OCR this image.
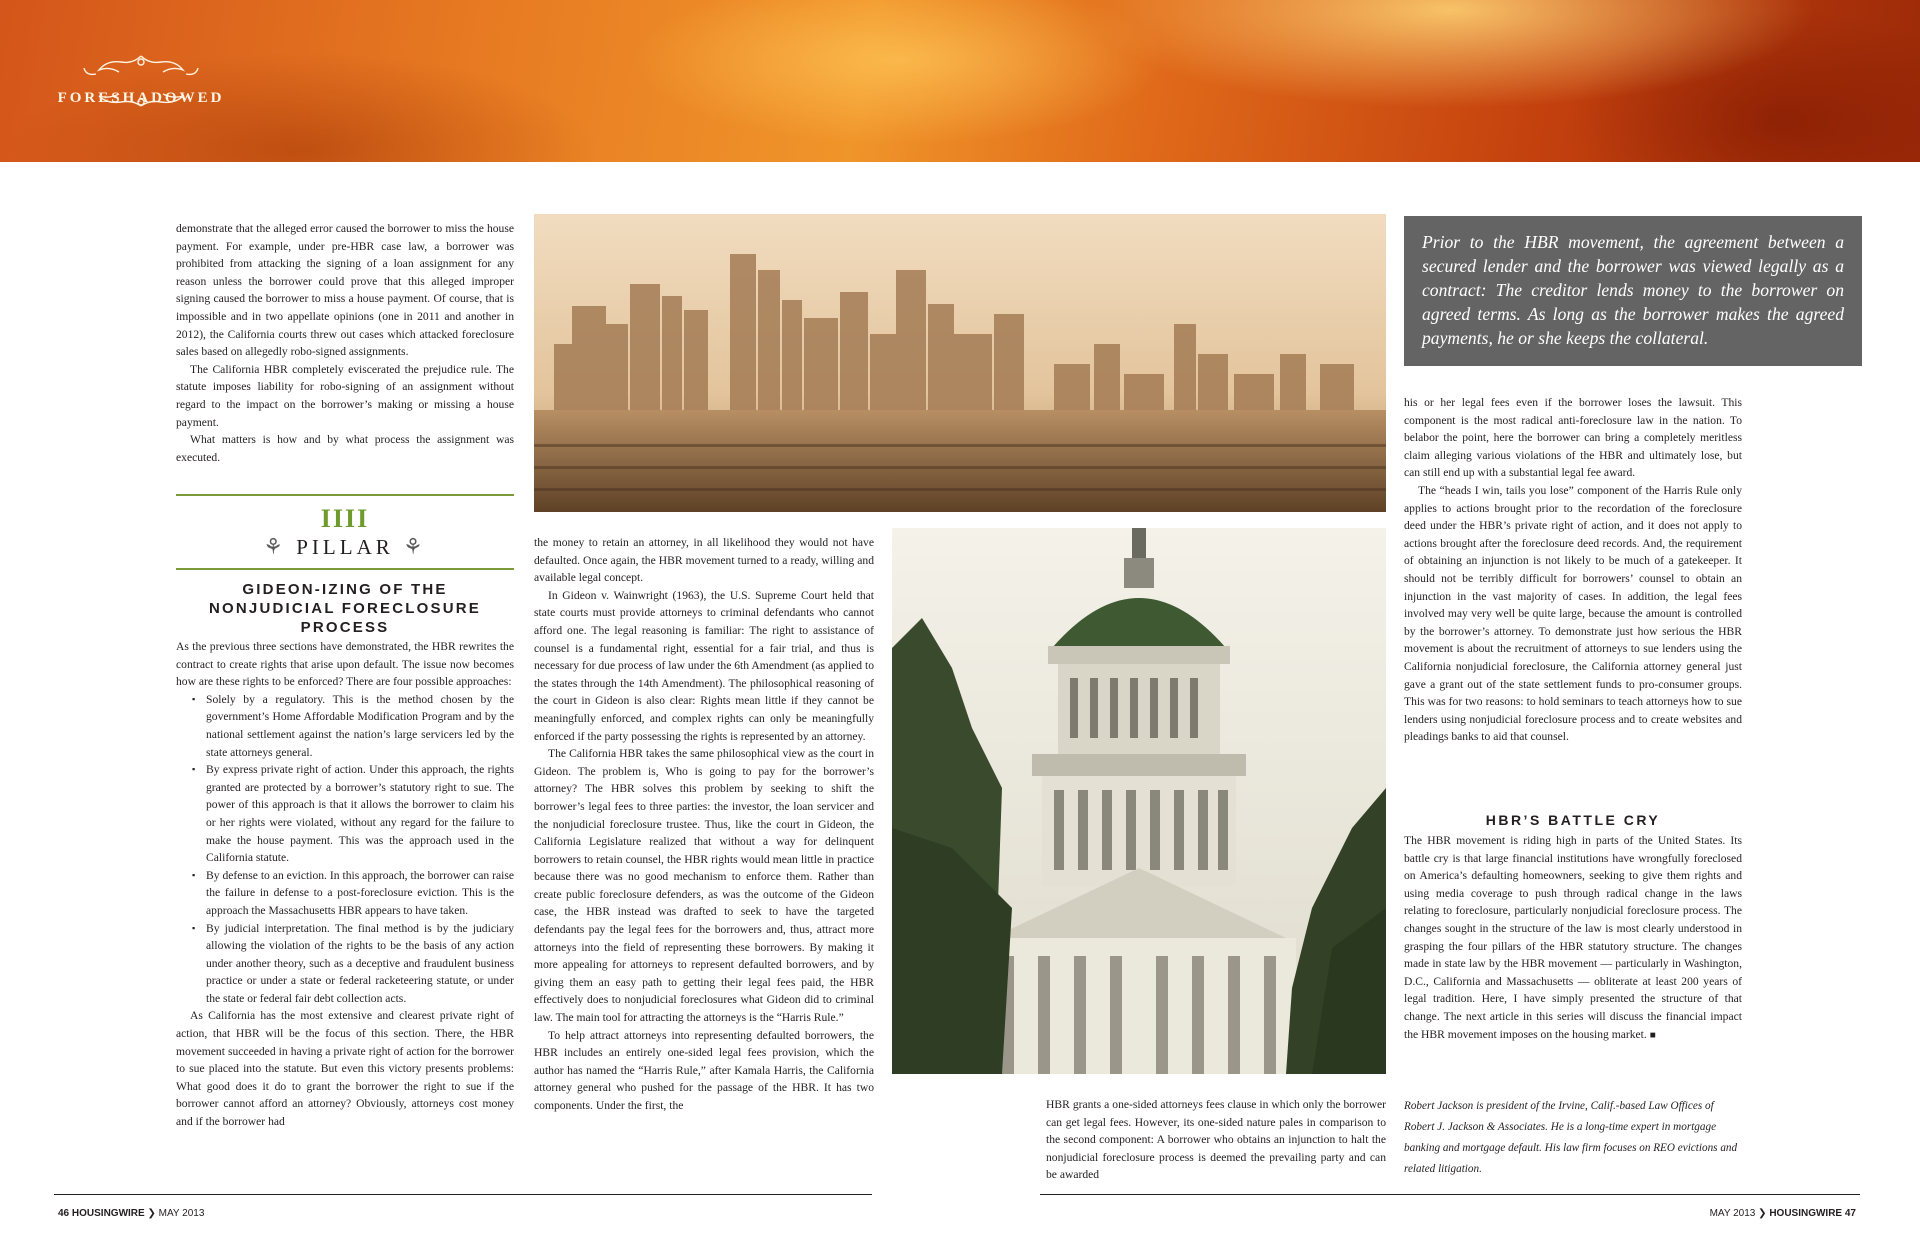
FORESHADOWED

demonstrate that the alleged error caused the borrower to miss the house payment. For example, under pre-HBR case law, a borrower was prohibited from attacking the signing of a loan assignment for any reason unless the borrower could prove that this alleged improper signing caused the borrower to miss a house payment. Of course, that is impossible and in two appellate opinions (one in 2011 and another in 2012), the California courts threw out cases which attacked foreclosure sales based on allegedly robo-signed assignments.

The California HBR completely eviscerated the prejudice rule. The statute imposes liability for robo-signing of an assignment without regard to the impact on the borrower’s making or missing a house payment.

What matters is how and by what process the assignment was executed.

IIII
⚘ PILLAR ⚘
GIDEON-IZING OF THE NONJUDICIAL FORECLOSURE PROCESS

As the previous three sections have demonstrated, the HBR rewrites the contract to create rights that arise upon default. The issue now becomes how are these rights to be enforced? There are four possible approaches:

▪ Solely by a regulatory. This is the method chosen by the government’s Home Affordable Modification Program and by the national settlement against the nation’s large servicers led by the state attorneys general.
▪ By express private right of action. Under this approach, the rights granted are protected by a borrower’s statutory right to sue. The power of this approach is that it allows the borrower to claim his or her rights were violated, without any regard for the failure to make the house payment. This was the approach used in the California statute.
▪ By defense to an eviction. In this approach, the borrower can raise the failure in defense to a post-foreclosure eviction. This is the approach the Massachusetts HBR appears to have taken.
▪ By judicial interpretation. The final method is by the judiciary allowing the violation of the rights to be the basis of any action under another theory, such as a deceptive and fraudulent business practice or under a state or federal racketeering statute, or under the state or federal fair debt collection acts.

As California has the most extensive and clearest private right of action, that HBR will be the focus of this section. There, the HBR movement succeeded in having a private right of action for the borrower to sue placed into the statute. But even this victory presents problems: What good does it do to grant the borrower the right to sue if the borrower cannot afford an attorney? Obviously, attorneys cost money and if the borrower had

the money to retain an attorney, in all likelihood they would not have defaulted. Once again, the HBR movement turned to a ready, willing and available legal concept.

In Gideon v. Wainwright (1963), the U.S. Supreme Court held that state courts must provide attorneys to criminal defendants who cannot afford one. The legal reasoning is familiar: The right to assistance of counsel is a fundamental right, essential for a fair trial, and thus is necessary for due process of law under the 6th Amendment (as applied to the states through the 14th Amendment). The philosophical reasoning of the court in Gideon is also clear: Rights mean little if they cannot be meaningfully enforced, and complex rights can only be meaningfully enforced if the party possessing the rights is represented by an attorney.

The California HBR takes the same philosophical view as the court in Gideon. The problem is, Who is going to pay for the borrower’s attorney? The HBR solves this problem by seeking to shift the borrower’s legal fees to three parties: the investor, the loan servicer and the nonjudicial foreclosure trustee. Thus, like the court in Gideon, the California Legislature realized that without a way for delinquent borrowers to retain counsel, the HBR rights would mean little in practice because there was no good mechanism to enforce them. Rather than create public foreclosure defenders, as was the outcome of the Gideon case, the HBR instead was drafted to seek to have the targeted defendants pay the legal fees for the borrowers and, thus, attract more attorneys into the field of representing these borrowers. By making it more appealing for attorneys to represent defaulted borrowers, and by giving them an easy path to getting their legal fees paid, the HBR effectively does to nonjudicial foreclosures what Gideon did to criminal law. The main tool for attracting the attorneys is the “Harris Rule.”

To help attract attorneys into representing defaulted borrowers, the HBR includes an entirely one-sided legal fees provision, which the author has named the “Harris Rule,” after Kamala Harris, the California attorney general who pushed for the passage of the HBR. It has two components. Under the first, the	HBR grants a one-sided attorneys fees clause in which only the borrower can get legal fees. However, its one-sided nature pales in comparison to the second component: A borrower who obtains an injunction to halt the nonjudicial foreclosure process is deemed the prevailing party and can be awarded

Prior to the HBR movement, the agreement between a secured lender and the borrower was viewed legally as a contract: The creditor lends money to the borrower on agreed terms. As long as the borrower makes the agreed payments, he or she keeps the collateral.

his or her legal fees even if the borrower loses the lawsuit. This component is the most radical anti-foreclosure law in the nation. To belabor the point, here the borrower can bring a completely meritless claim alleging various violations of the HBR and ultimately lose, but can still end up with a substantial legal fee award.

The “heads I win, tails you lose” component of the Harris Rule only applies to actions brought prior to the recordation of the foreclosure deed under the HBR’s private right of action, and it does not apply to actions brought after the foreclosure deed records. And, the requirement of obtaining an injunction is not likely to be much of a gatekeeper. It should not be terribly difficult for borrowers’ counsel to obtain an injunction in the vast majority of cases. In addition, the legal fees involved may very well be quite large, because the amount is controlled by the borrower’s attorney. To demonstrate just how serious the HBR movement is about the recruitment of attorneys to sue lenders using the California nonjudicial foreclosure, the California attorney general just gave a grant out of the state settlement funds to pro-consumer groups. This was for two reasons: to hold seminars to teach attorneys how to sue lenders using nonjudicial foreclosure process and to create websites and pleadings banks to aid that counsel.

HBR’S BATTLE CRY

The HBR movement is riding high in parts of the United States. Its battle cry is that large financial institutions have wrongfully foreclosed on America’s defaulting homeowners, seeking to give them rights and using media coverage to push through radical change in the laws relating to foreclosure, particularly nonjudicial foreclosure process. The changes sought in the structure of the law is most clearly understood in grasping the four pillars of the HBR statutory structure. The changes made in state law by the HBR movement — particularly in Washington, D.C., California and Massachusetts — obliterate at least 200 years of legal tradition. Here, I have simply presented the structure of that change. The next article in this series will discuss the financial impact the HBR movement imposes on the housing market. ■

Robert Jackson is president of the Irvine, Calif.-based Law Offices of Robert J. Jackson & Associates. He is a long-time expert in mortgage banking and mortgage default. His law firm focuses on REO evictions and related litigation.
46 HOUSINGWIRE ❯ MAY 2013	MAY 2013 ❯ HOUSINGWIRE 47
